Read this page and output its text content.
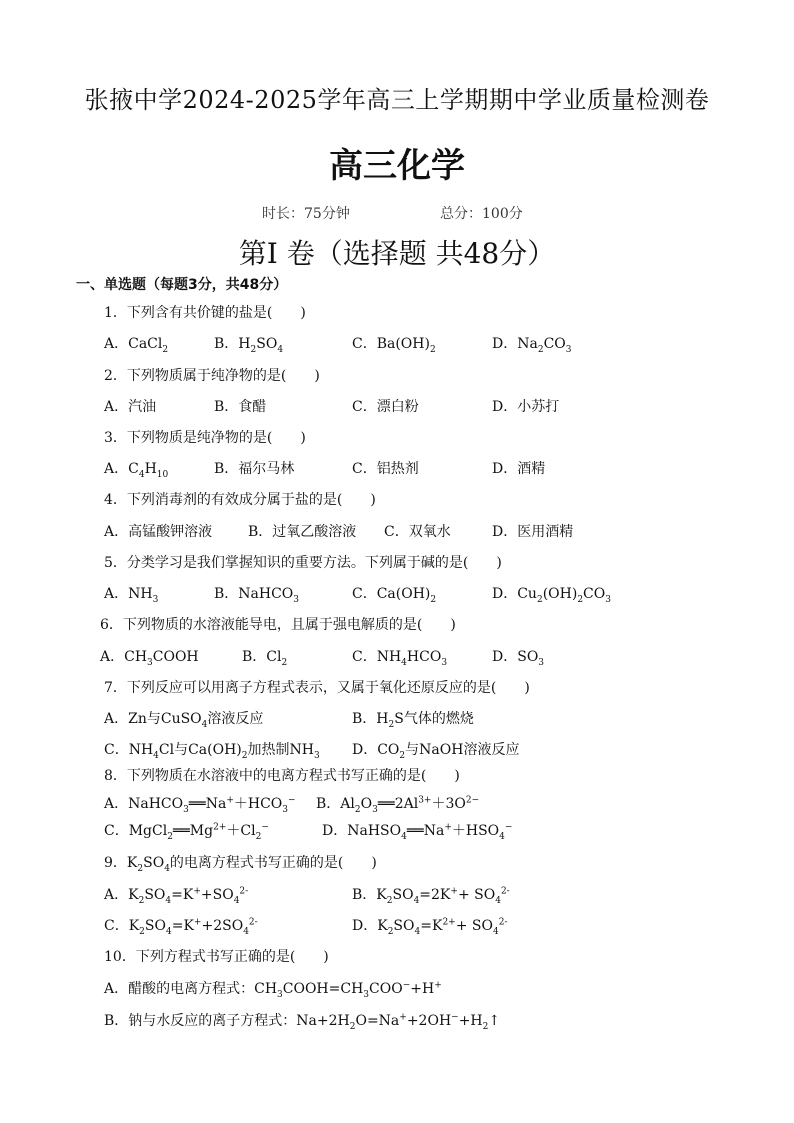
张掖中学2024-2025学年高三上学期期中学业质量检测卷
高三化学
时长：75分钟	总分：100分
第I 卷（选择题 共48分）
一、单选题（每题3分，共48分）
1．下列含有共价键的盐是(　　)
2．下列物质属于纯净物的是(　　)
3．下列物质是纯净物的是(　　)
4．下列消毒剂的有效成分属于盐的是(　　)
5．分类学习是我们掌握知识的重要方法。下列属于碱的是(　　)
6．下列物质的水溶液能导电，且属于强电解质的是(　　)
7．下列反应可以用离子方程式表示，又属于氧化还原反应的是(　　)
8．下列物质在水溶液中的电离方程式书写正确的是(　　)
9．$K_2SO_4$的电离方程式书写正确的是(　　)
10．下列方程式书写正确的是(　　)
A．CaCl$_2$	B．$H_2SO_4$	C．$Ba(OH)_2$	D．$Na_2CO_3$
A．汽油	B．食醋	C．漂白粉	D．小苏打
A．$C_4H_{10}$	B．福尔马林	C．铝热剂	D．酒精
A．高锰酸钾溶液	B．过氧乙酸溶液 C．双氧水	D．医用酒精
A．$NH_3$	B．NaHCO$_3$	C．$Ca(OH)_2$	D．$Cu_2(OH)_2CO_3$
A．$CH_3COOH$	B．$Cl_2$	C．$NH_4HCO_3$	D．$SO_3$
A．Zn与CuSO$_4$溶液反应	B．$H_2S$气体的燃烧
C．$NH_4Cl$与$Ca(OH)_2$加热制$NH_3$ D．$CO_2$与NaOH溶液反应
A．$NaHCO_3══Na^++HCO_3^-$ B．$Al_2O_3══2Al^{3+}+3O^{2-}$
C．$MgCl_2══Mg^{2+}+Cl_2^-$	D．$NaHSO_4══Na^++HSO_4^-$
A．$K_2SO_4=K^++SO_4^{2-}$	B．$K_2SO_4=2K^++ SO_4^{2-}$
C．$K_2SO_4=K^++2SO_4^{2-}$	D．$K_2SO_4=K^{2+}+ SO_4^{2-}$
A．醋酸的电离方程式：$CH_3COOH=CH_3COO^-+H^+$
B．钠与水反应的离子方程式：$Na+2H_2O=Na^++2OH^-+H_2↑$
